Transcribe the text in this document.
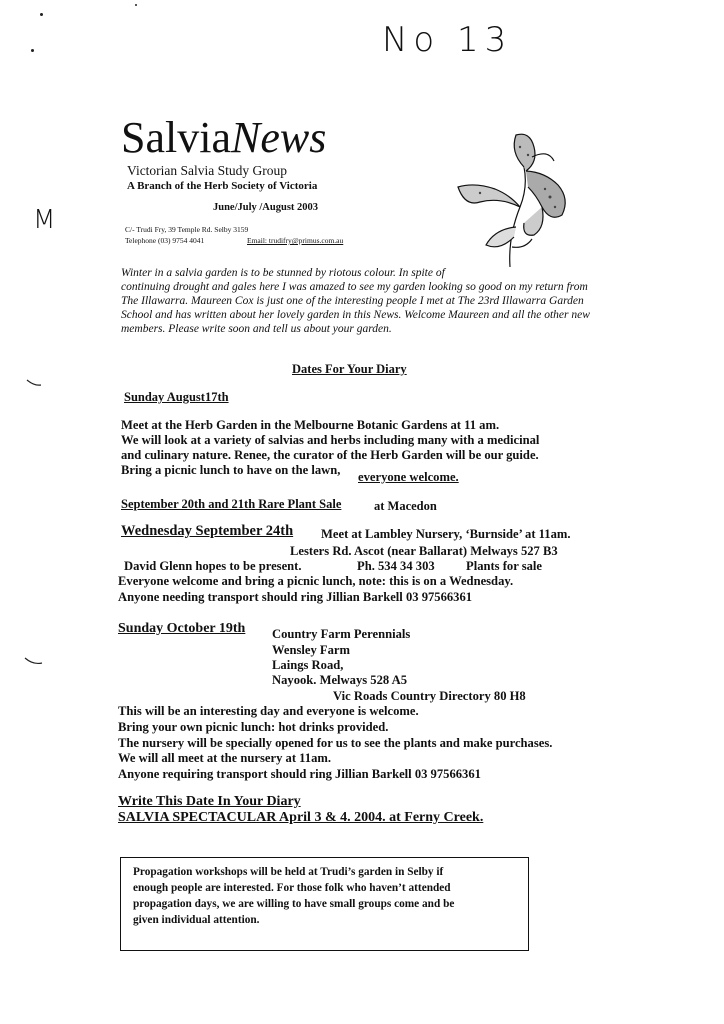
No 13
M
SalviaNews
Victorian Salvia Study Group
A Branch of the Herb Society of Victoria
June/July /August 2003
C/- Trudi Fry, 39 Temple Rd. Selby 3159
Telephone (03) 9754 4041	Email: trudifry@primus.com.au
Winter in a salvia garden is to be stunned by riotous colour. In spite of
continuing drought and gales here I was amazed to see my garden looking so good on my return from
The Illawarra. Maureen Cox is just one of the interesting people I met at The 23rd Illawarra Garden
School and has written about her lovely garden in this News. Welcome Maureen and all the other new
members. Please write soon and tell us about your garden.
Dates For Your Diary
Sunday August17th
Meet at the Herb Garden in the Melbourne Botanic Gardens at 11 am.
We will look at a variety of salvias and herbs including many with a medicinal
and culinary nature. Renee, the curator of the Herb Garden will be our guide.
Bring a picnic lunch to have on the lawn, everyone welcome.
September 20th and 21th Rare Plant Sale	at Macedon
Wednesday September 24th Meet at Lambley Nursery, ‘Burnside’ at 11am.
Lesters Rd. Ascot (near Ballarat) Melways 527 B3
David Glenn hopes to be present.	Ph. 534 34 303 Plants for sale
Everyone welcome and bring a picnic lunch, note: this is on a Wednesday.
Anyone needing transport should ring Jillian Barkell 03 97566361
Sunday October 19th Country Farm Perennials
Wensley Farm
Laings Road,
Nayook. Melways 528 A5
Vic Roads Country Directory 80 H8
This will be an interesting day and everyone is welcome.
Bring your own picnic lunch: hot drinks provided.
The nursery will be specially opened for us to see the plants and make purchases.
We will all meet at the nursery at 11am.
Anyone requiring transport should ring Jillian Barkell 03 97566361
Write This Date In Your Diary
SALVIA SPECTACULAR April 3 & 4. 2004. at Ferny Creek.
Propagation workshops will be held at Trudi’s garden in Selby if
enough people are interested. For those folk who haven’t attended
propagation days, we are willing to have small groups come and be
given individual attention.
